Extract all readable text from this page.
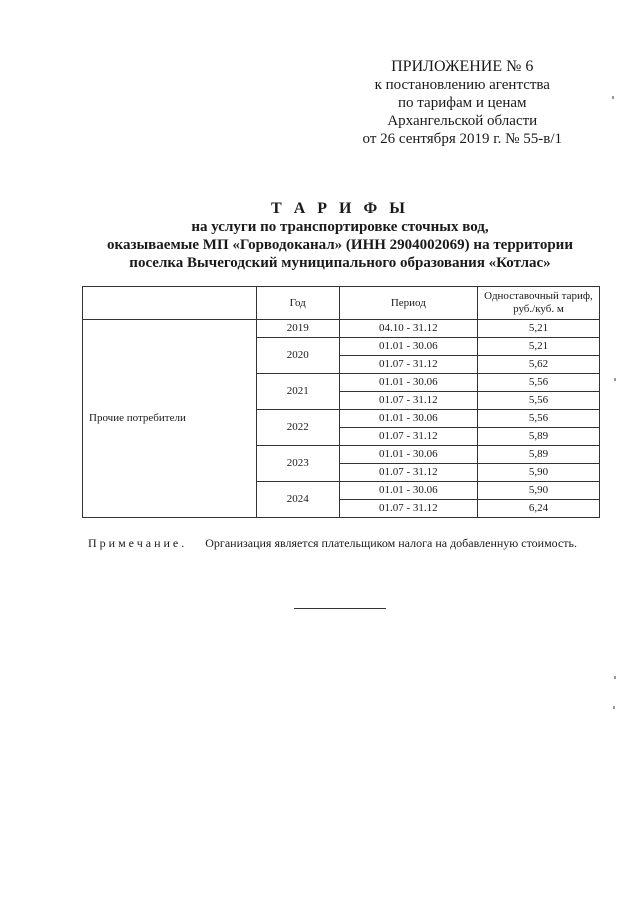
ПРИЛОЖЕНИЕ № 6
к постановлению агентства
по тарифам и ценам
Архангельской области
от 26 сентября 2019 г. № 55-в/1
Т А Р И Ф Ы
на услуги по транспортировке сточных вод,
оказываемые МП «Горводоканал» (ИНН 2904002069) на территории
поселка Вычегодский муниципального образования «Котлас»
	Год	Период	Одноставочный тариф,
руб./куб. м
Прочие потребители	2019	04.10 - 31.12	5,21
	2020	01.01 - 30.06	5,21
		01.07 - 31.12	5,62
	2021	01.01 - 30.06	5,56
		01.07 - 31.12	5,56
	2022	01.01 - 30.06	5,56
		01.07 - 31.12	5,89
	2023	01.01 - 30.06	5,89
		01.07 - 31.12	5,90
	2024	01.01 - 30.06	5,90
		01.07 - 31.12	6,24
Примечание. Организация является плательщиком налога на добавленную стоимость.
